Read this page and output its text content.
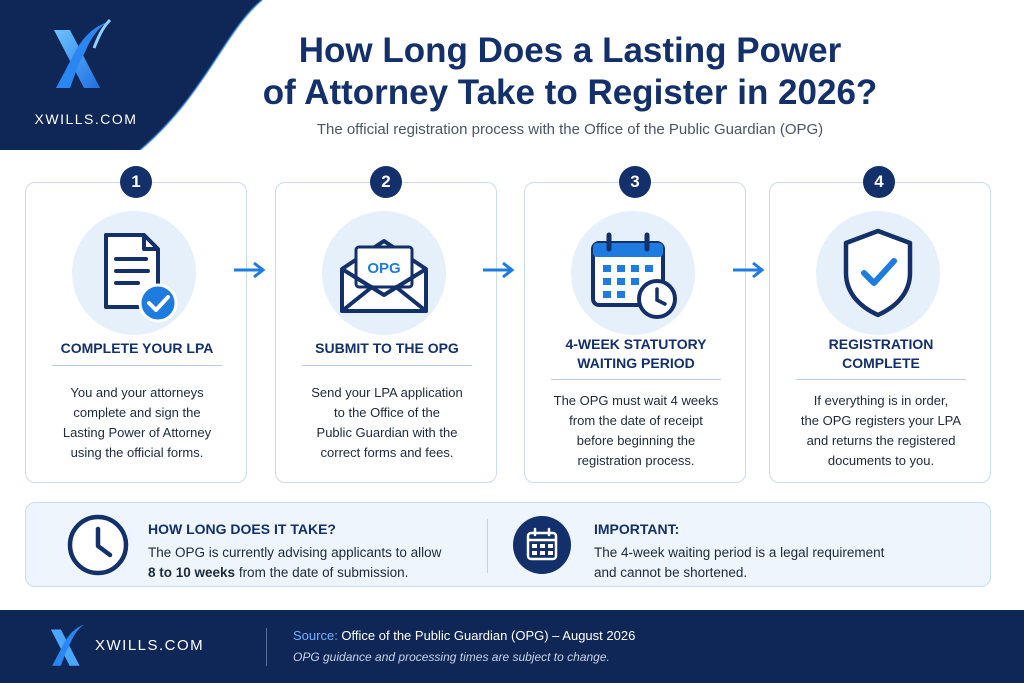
XWILLS.COM
How Long Does a Lasting Power
of Attorney Take to Register in 2026?
The official registration process with the Office of the Public Guardian (OPG)
COMPLETE YOUR LPA
You and your attorneys
complete and sign the
Lasting Power of Attorney
using the official forms.
1
OPG
SUBMIT TO THE OPG
Send your LPA application
to the Office of the
Public Guardian with the
correct forms and fees.
2
4-WEEK STATUTORY
WAITING PERIOD
The OPG must wait 4 weeks
from the date of receipt
before beginning the
registration process.
3
REGISTRATION
COMPLETE
If everything is in order,
the OPG registers your LPA
and returns the registered
documents to you.
4
HOW LONG DOES IT TAKE?
The OPG is currently advising applicants to allow
8 to 10 weeks from the date of submission.
IMPORTANT:
The 4-week waiting period is a legal requirement
and cannot be shortened.
XWILLS.COM
Source: Office of the Public Guardian (OPG) – August 2026
OPG guidance and processing times are subject to change.
